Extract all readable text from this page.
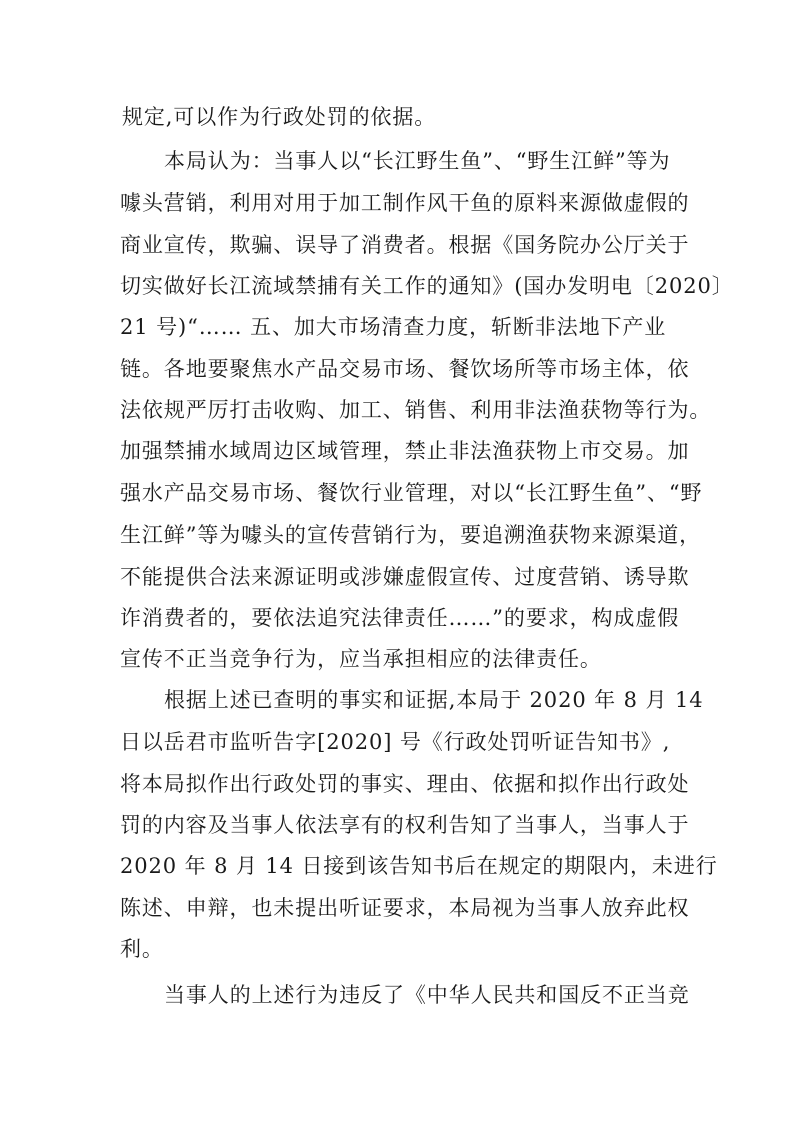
规定,可以作为行政处罚的依据。
本局认为：当事人以“长江野生鱼”、“野生江鲜”等为
噱头营销，利用对用于加工制作风干鱼的原料来源做虚假的
商业宣传，欺骗、误导了消费者。根据《国务院办公厅关于
切实做好长江流域禁捕有关工作的通知》(国办发明电〔2020〕
21 号)“…… 五、加大市场清查力度，斩断非法地下产业
链。各地要聚焦水产品交易市场、餐饮场所等市场主体，依
法依规严厉打击收购、加工、销售、利用非法渔获物等行为。
加强禁捕水域周边区域管理，禁止非法渔获物上市交易。加
强水产品交易市场、餐饮行业管理，对以“长江野生鱼”、“野
生江鲜”等为噱头的宣传营销行为，要追溯渔获物来源渠道，
不能提供合法来源证明或涉嫌虚假宣传、过度营销、诱导欺
诈消费者的，要依法追究法律责任……”的要求，构成虚假
宣传不正当竞争行为，应当承担相应的法律责任。
根据上述已查明的事实和证据,本局于 2020 年 8 月 14
日以岳君市监听告字[2020] 号《行政处罚听证告知书》,
将本局拟作出行政处罚的事实、理由、依据和拟作出行政处
罚的内容及当事人依法享有的权利告知了当事人，当事人于
2020 年 8 月 14 日接到该告知书后在规定的期限内，未进行
陈述、申辩，也未提出听证要求，本局视为当事人放弃此权
利。
当事人的上述行为违反了《中华人民共和国反不正当竞
